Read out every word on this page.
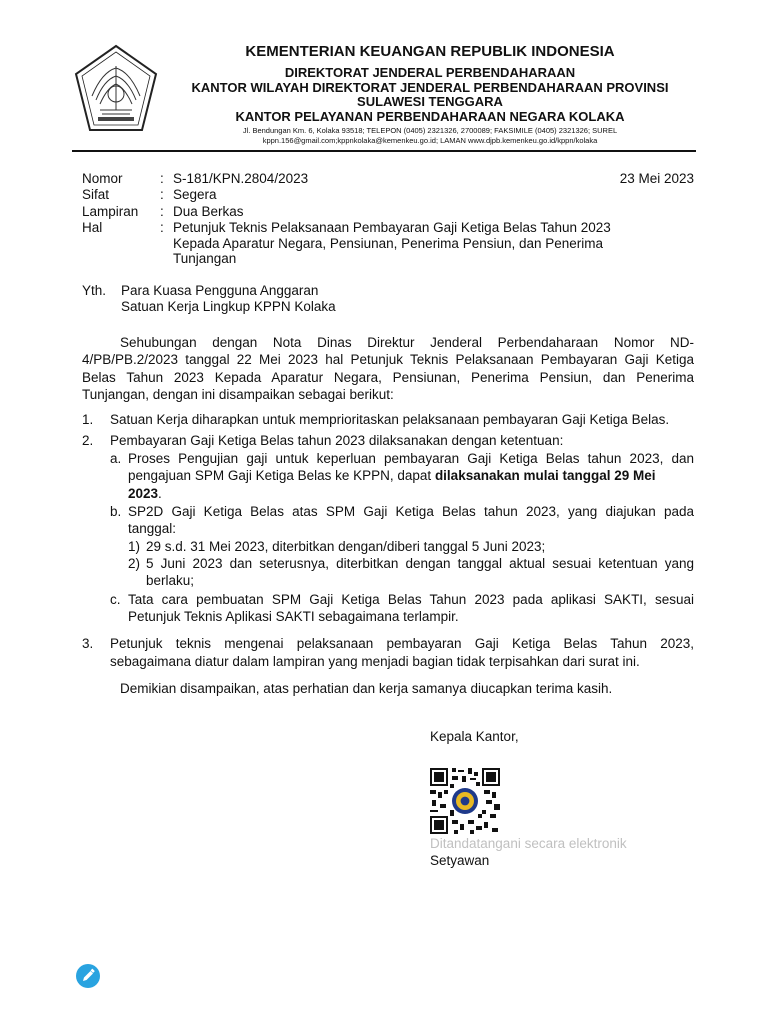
KEMENTERIAN KEUANGAN REPUBLIK INDONESIA
DIREKTORAT JENDERAL PERBENDAHARAAN
KANTOR WILAYAH DIREKTORAT JENDERAL PERBENDAHARAAN PROVINSI
SULAWESI TENGGARA
KANTOR PELAYANAN PERBENDAHARAAN NEGARA KOLAKA
Jl. Bendungan Km. 6, Kolaka 93518; TELEPON (0405) 2321326, 2700089; FAKSIMILE (0405) 2321326; SUREL
kppn.156@gmail.com;kppnkolaka@kemenkeu.go.id; LAMAN www.djpb.kemenkeu.go.id/kppn/kolaka
Nomor	: S-181/KPN.2804/2023	23 Mei 2023
Sifat	: Segera
Lampiran : Dua Berkas
Hal	: Petunjuk Teknis Pelaksanaan Pembayaran Gaji Ketiga Belas Tahun 2023
Kepada Aparatur Negara, Pensiunan, Penerima Pensiun, dan Penerima
Tunjangan
Yth. Para Kuasa Pengguna Anggaran
Satuan Kerja Lingkup KPPN Kolaka
Sehubungan dengan Nota Dinas Direktur Jenderal Perbendaharaan Nomor ND-
4/PB/PB.2/2023 tanggal 22 Mei 2023 hal Petunjuk Teknis Pelaksanaan Pembayaran Gaji Ketiga
Belas Tahun 2023 Kepada Aparatur Negara, Pensiunan, Penerima Pensiun, dan Penerima
Tunjangan, dengan ini disampaikan sebagai berikut:
1. Satuan Kerja diharapkan untuk memprioritaskan pelaksanaan pembayaran Gaji Ketiga Belas.
2. Pembayaran Gaji Ketiga Belas tahun 2023 dilaksanakan dengan ketentuan:
a. Proses Pengujian gaji untuk keperluan pembayaran Gaji Ketiga Belas tahun 2023, dan
pengajuan SPM Gaji Ketiga Belas ke KPPN, dapat dilaksanakan mulai tanggal 29 Mei
2023.
b. SP2D Gaji Ketiga Belas atas SPM Gaji Ketiga Belas tahun 2023, yang diajukan pada
tanggal:
1) 29 s.d. 31 Mei 2023, diterbitkan dengan/diberi tanggal 5 Juni 2023;
2) 5 Juni 2023 dan seterusnya, diterbitkan dengan tanggal aktual sesuai ketentuan yang
berlaku;
c. Tata cara pembuatan SPM Gaji Ketiga Belas Tahun 2023 pada aplikasi SAKTI, sesuai
Petunjuk Teknis Aplikasi SAKTI sebagaimana terlampir.
3. Petunjuk teknis mengenai pelaksanaan pembayaran Gaji Ketiga Belas Tahun 2023,
sebagaimana diatur dalam lampiran yang menjadi bagian tidak terpisahkan dari surat ini.
Demikian disampaikan, atas perhatian dan kerja samanya diucapkan terima kasih.
Kepala Kantor,
Ditandatangani secara elektronik
Setyawan
